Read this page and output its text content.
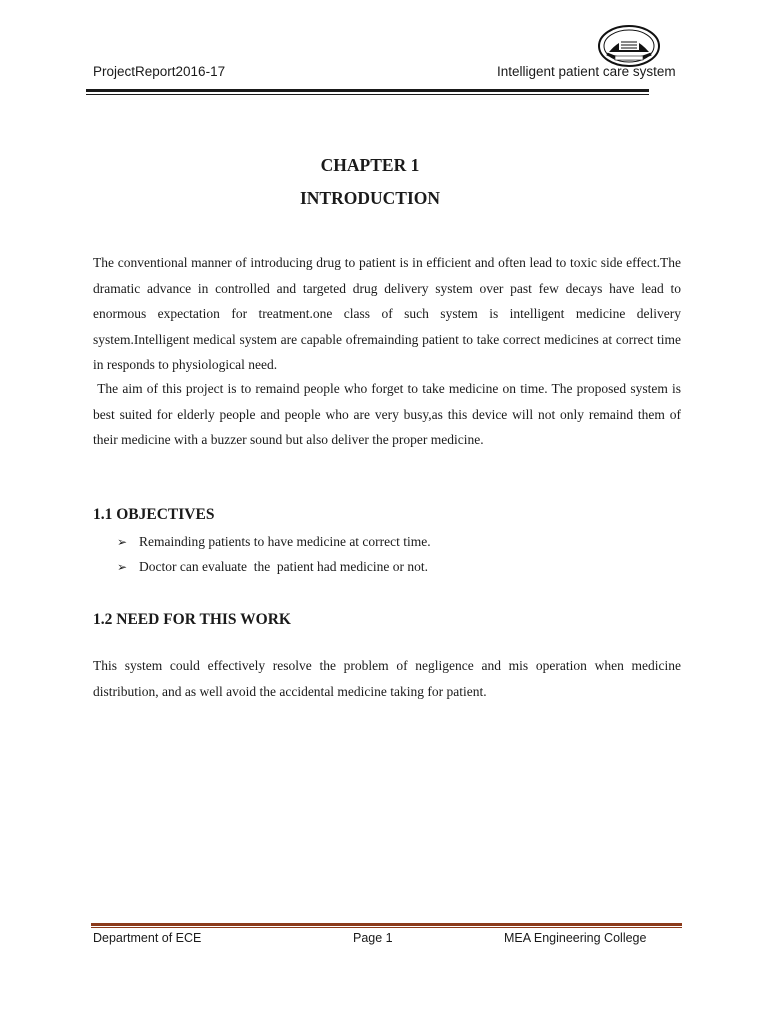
ProjectReport2016-17	Intelligent patient care system
CHAPTER 1
INTRODUCTION
The conventional manner of introducing drug to patient is in efficient and often lead to toxic side effect.The dramatic advance in controlled and targeted drug delivery system over past few decays have lead to enormous expectation for treatment.one class of such system is intelligent medicine delivery system.Intelligent medical system are capable ofremainding patient to take correct medicines at correct time in responds to physiological need.
The aim of this project is to remaind people who forget to take medicine on time. The proposed system is best suited for elderly people and people who are very busy,as this device will not only remaind them of their medicine with a buzzer sound but also deliver the proper medicine.
1.1 OBJECTIVES
➢ Remainding patients to have medicine at correct time.
➢ Doctor can evaluate  the  patient had medicine or not.
1.2 NEED FOR THIS WORK
This system could effectively resolve the problem of negligence and mis operation when medicine distribution, and as well avoid the accidental medicine taking for patient.
Department of ECE	Page 1	MEA Engineering College
